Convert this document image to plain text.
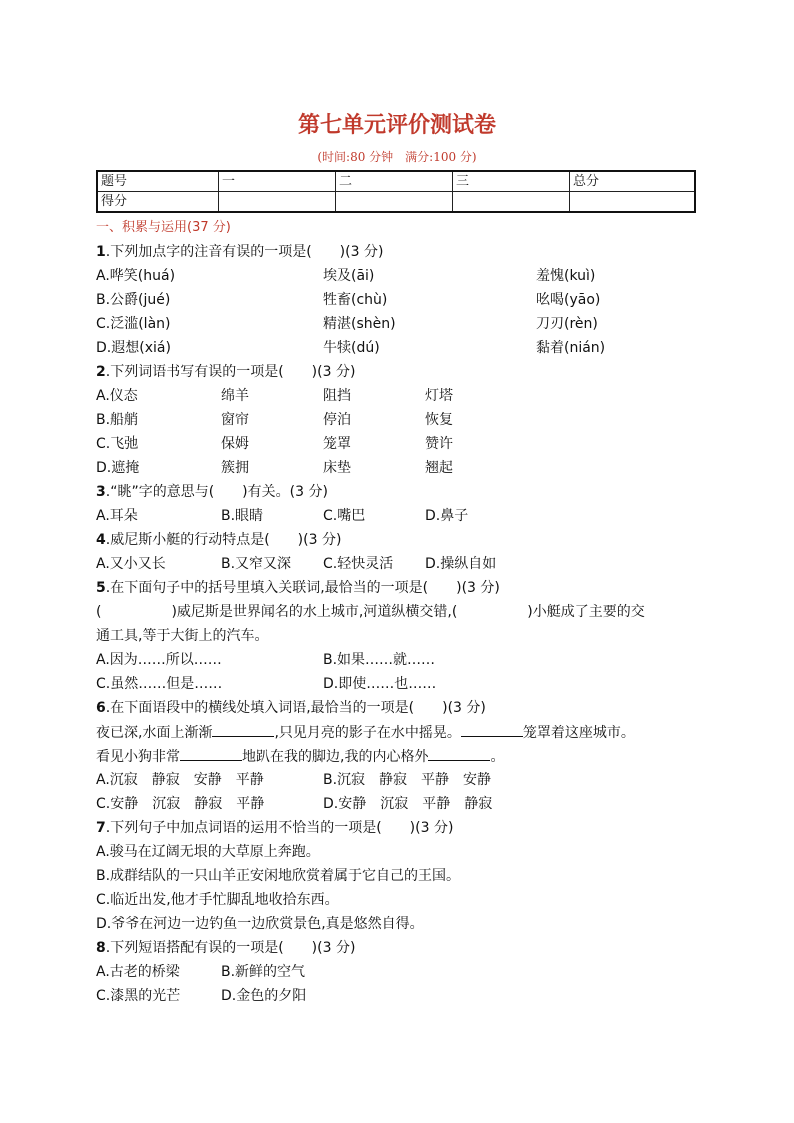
第七单元评价测试卷
(时间:80 分钟　满分:100 分)
题号	一	二	三	总分
得分				
一、积累与运用(37 分)
1.下列加点字的注音有误的一项是(　　)(3 分)
A.哗笑(huá)	埃及(āi)	羞愧(kuì)
B.公爵(jué)	牲畜(chù)	吆喝(yāo)
C.泛滥(làn)	精湛(shèn)	刀刃(rèn)
D.遐想(xiá)	牛犊(dú)	黏着(nián)
2.下列词语书写有误的一项是(　　)(3 分)
A.仪态	绵羊	阻挡	灯塔
B.船艄	窗帘	停泊	恢复
C.飞弛	保姆	笼罩	赞许
D.遮掩	簇拥	床垫	翘起
3.“眺”字的意思与(　　)有关。(3 分)
A.耳朵	B.眼睛	C.嘴巴	D.鼻子
4.威尼斯小艇的行动特点是(　　)(3 分)
A.又小又长	B.又窄又深 C.轻快灵活 D.操纵自如
5.在下面句子中的括号里填入关联词,最恰当的一项是(　　)(3 分)
(　　　　　)威尼斯是世界闻名的水上城市,河道纵横交错,(　　　　　)小艇成了主要的交
通工具,等于大街上的汽车。
A.因为……所以……	B.如果……就……
C.虽然……但是……	D.即使……也……
6.在下面语段中的横线处填入词语,最恰当的一项是(　　)(3 分)
夜已深,水面上渐渐	,只见月亮的影子在水中摇晃。	笼罩着这座城市。
看见小狗非常	地趴在我的脚边,我的内心格外	。
A.沉寂　静寂　安静　平静	B.沉寂　静寂　平静　安静
C.安静　沉寂　静寂　平静	D.安静　沉寂　平静　静寂
7.下列句子中加点词语的运用不恰当的一项是(　　)(3 分)
A.骏马在辽阔无垠的大草原上奔跑。
B.成群结队的一只山羊正安闲地欣赏着属于它自己的王国。
C.临近出发,他才手忙脚乱地收拾东西。
D.爷爷在河边一边钓鱼一边欣赏景色,真是悠然自得。
8.下列短语搭配有误的一项是(　　)(3 分)
A.古老的桥梁	B.新鲜的空气
C.漆黑的光芒	D.金色的夕阳
